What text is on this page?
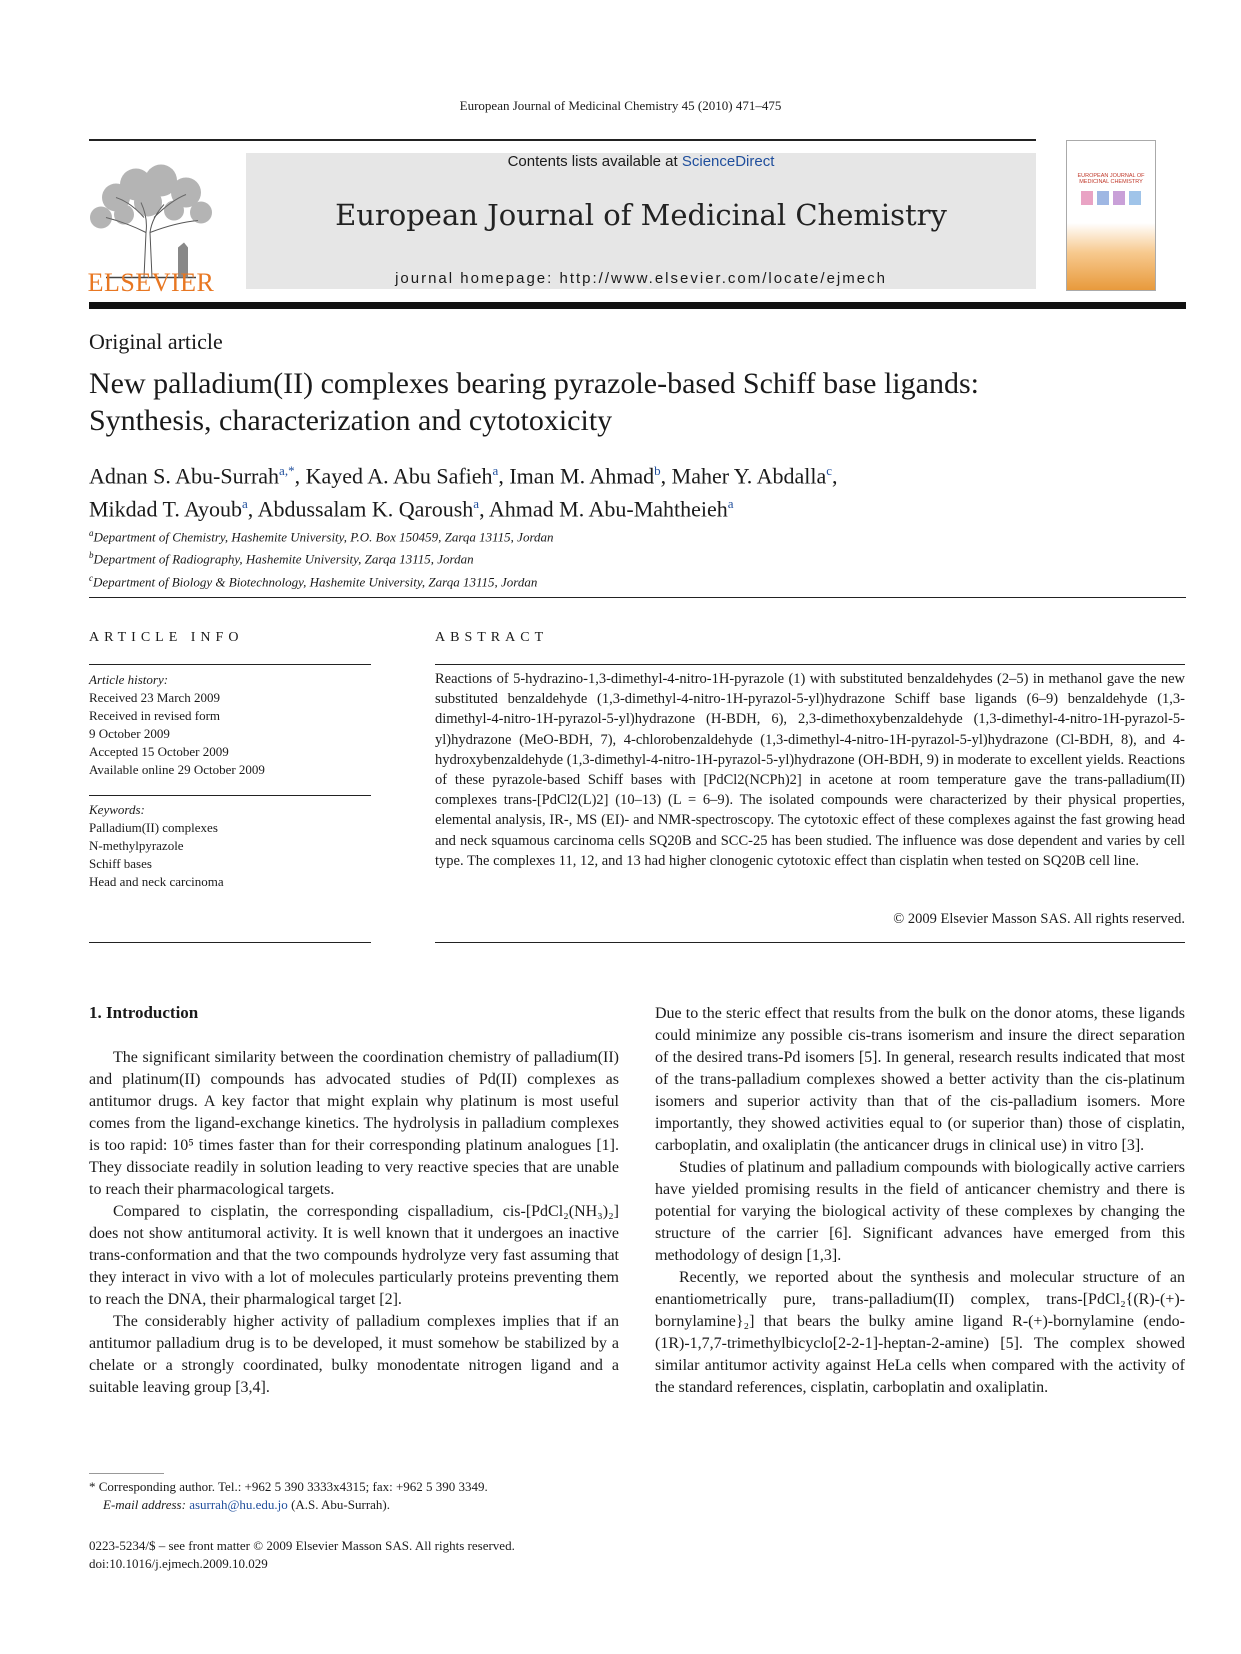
European Journal of Medicinal Chemistry 45 (2010) 471–475
ELSEVIER
Contents lists available at ScienceDirect
European Journal of Medicinal Chemistry
journal homepage: http://www.elsevier.com/locate/ejmech
EUROPEAN JOURNAL OF MEDICINAL CHEMISTRY
Original article
New palladium(II) complexes bearing pyrazole-based Schiff base ligands:
Synthesis, characterization and cytotoxicity
Adnan S. Abu-Surrah$^{a,*}$, Kayed A. Abu Safieh$^a$, Iman M. Ahmad$^b$, Maher Y. Abdalla$^c$,
Mikdad T. Ayoub$^a$, Abdussalam K. Qaroush$^a$, Ahmad M. Abu-Mahtheieh$^a$
$^a$Department of Chemistry, Hashemite University, P.O. Box 150459, Zarqa 13115, Jordan
$^b$Department of Radiography, Hashemite University, Zarqa 13115, Jordan
$^c$Department of Biology & Biotechnology, Hashemite University, Zarqa 13115, Jordan
ARTICLE INFO	ABSTRACT
Article history:
Received 23 March 2009
Received in revised form
9 October 2009
Accepted 15 October 2009
Available online 29 October 2009
Keywords:
Palladium(II) complexes
N-methylpyrazole
Schiff bases
Head and neck carcinoma
Reactions of 5-hydrazino-1,3-dimethyl-4-nitro-1H-pyrazole (1) with substituted benzaldehydes (2–5) in methanol gave the new substituted benzaldehyde (1,3-dimethyl-4-nitro-1H-pyrazol-5-yl)hydrazone Schiff base ligands (6–9) benzaldehyde (1,3-dimethyl-4-nitro-1H-pyrazol-5-yl)hydrazone (H-BDH, 6), 2,3-dimethoxybenzaldehyde (1,3-dimethyl-4-nitro-1H-pyrazol-5-yl)hydrazone (MeO-BDH, 7), 4-chlorobenzaldehyde (1,3-dimethyl-4-nitro-1H-pyrazol-5-yl)hydrazone (Cl-BDH, 8), and 4-hydroxybenzaldehyde (1,3-dimethyl-4-nitro-1H-pyrazol-5-yl)hydrazone (OH-BDH, 9) in moderate to excellent yields. Reactions of these pyrazole-based Schiff bases with [PdCl2(NCPh)2] in acetone at room temperature gave the trans-palladium(II) complexes trans-[PdCl2(L)2] (10–13) (L = 6–9). The isolated compounds were characterized by their physical properties, elemental analysis, IR-, MS (EI)- and NMR-spectroscopy. The cytotoxic effect of these complexes against the fast growing head and neck squamous carcinoma cells SQ20B and SCC-25 has been studied. The influence was dose dependent and varies by cell type. The complexes 11, 12, and 13 had higher clonogenic cytotoxic effect than cisplatin when tested on SQ20B cell line.
© 2009 Elsevier Masson SAS. All rights reserved.
1. Introduction

The significant similarity between the coordination chemistry of palladium(II) and platinum(II) compounds has advocated studies of Pd(II) complexes as antitumor drugs. A key factor that might explain why platinum is most useful comes from the ligand-exchange kinetics. The hydrolysis in palladium complexes is too rapid: 10⁵ times faster than for their corresponding platinum analogues [1]. They dissociate readily in solution leading to very reactive species that are unable to reach their pharmacological targets.

Compared to cisplatin, the corresponding cispalladium, cis-[PdCl₂(NH₃)₂] does not show antitumoral activity. It is well known that it undergoes an inactive trans-conformation and that the two compounds hydrolyze very fast assuming that they interact in vivo with a lot of molecules particularly proteins preventing them to reach the DNA, their pharmalogical target [2].

The considerably higher activity of palladium complexes implies that if an antitumor palladium drug is to be developed, it must somehow be stabilized by a chelate or a strongly coordinated, bulky monodentate nitrogen ligand and a suitable leaving group [3,4].

Due to the steric effect that results from the bulk on the donor atoms, these ligands could minimize any possible cis-trans isomerism and insure the direct separation of the desired trans-Pd isomers [5]. In general, research results indicated that most of the trans-palladium complexes showed a better activity than the cis-platinum isomers and superior activity than that of the cis-palladium isomers. More importantly, they showed activities equal to (or superior than) those of cisplatin, carboplatin, and oxaliplatin (the anticancer drugs in clinical use) in vitro [3].

Studies of platinum and palladium compounds with biologically active carriers have yielded promising results in the field of anticancer chemistry and there is potential for varying the biological activity of these complexes by changing the structure of the carrier [6]. Significant advances have emerged from this methodology of design [1,3].

Recently, we reported about the synthesis and molecular structure of an enantiometrically pure, trans-palladium(II) complex, trans-[PdCl₂{(R)-(+)-bornylamine}₂] that bears the bulky amine ligand R-(+)-bornylamine (endo-(1R)-1,7,7-trimethylbicyclo[2-2-1]-heptan-2-amine) [5]. The complex showed similar antitumor activity against HeLa cells when compared with the activity of the standard references, cisplatin, carboplatin and oxaliplatin.

* Corresponding author. Tel.: +962 5 390 3333x4315; fax: +962 5 390 3349.
E-mail address: asurrah@hu.edu.jo (A.S. Abu-Surrah).
0223-5234/$ – see front matter © 2009 Elsevier Masson SAS. All rights reserved.
doi:10.1016/j.ejmech.2009.10.029
